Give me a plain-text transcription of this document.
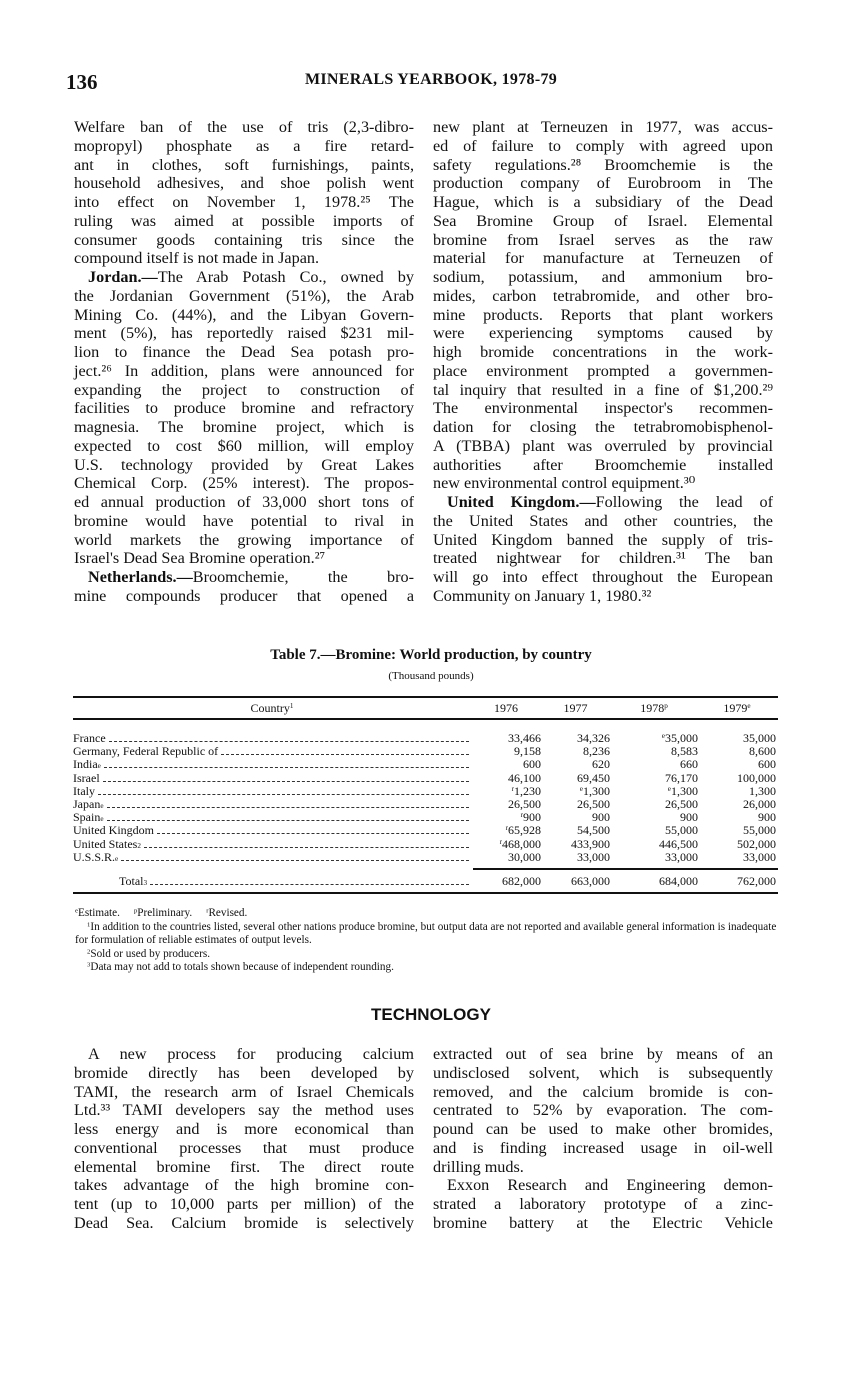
136	MINERALS YEARBOOK, 1978-79
Welfare ban of the use of tris (2,3-dibro-
mopropyl) phosphate as a fire retard-
ant in clothes, soft furnishings, paints,
household adhesives, and shoe polish went
into effect on November 1, 1978.²⁵ The
ruling was aimed at possible imports of
consumer goods containing tris since the
compound itself is not made in Japan.
Jordan.—The Arab Potash Co., owned by
the Jordanian Government (51%), the Arab
Mining Co. (44%), and the Libyan Govern-
ment (5%), has reportedly raised $231 mil-
lion to finance the Dead Sea potash pro-
ject.²⁶ In addition, plans were announced for
expanding the project to construction of
facilities to produce bromine and refractory
magnesia. The bromine project, which is
expected to cost $60 million, will employ
U.S. technology provided by Great Lakes
Chemical Corp. (25% interest). The propos-
ed annual production of 33,000 short tons of
bromine would have potential to rival in
world markets the growing importance of
Israel's Dead Sea Bromine operation.²⁷
Netherlands.—Broomchemie, the bro-
mine compounds producer that opened a
new plant at Terneuzen in 1977, was accus-
ed of failure to comply with agreed upon
safety regulations.²⁸ Broomchemie is the
production company of Eurobroom in The
Hague, which is a subsidiary of the Dead
Sea Bromine Group of Israel. Elemental
bromine from Israel serves as the raw
material for manufacture at Terneuzen of
sodium, potassium, and ammonium bro-
mides, carbon tetrabromide, and other bro-
mine products. Reports that plant workers
were experiencing symptoms caused by
high bromide concentrations in the work-
place environment prompted a governmen-
tal inquiry that resulted in a fine of $1,200.²⁹
The environmental inspector's recommen-
dation for closing the tetrabromobisphenol-
A (TBBA) plant was overruled by provincial
authorities after Broomchemie installed
new environmental control equipment.³⁰
United Kingdom.—Following the lead of
the United States and other countries, the
United Kingdom banned the supply of tris-
treated nightwear for children.³¹ The ban
will go into effect throughout the European
Community on January 1, 1980.³²
Table 7.—Bromine: World production, by country
(Thousand pounds)
Country$^1$	1976	1977	1978$^p$	1979e
France	33,466	34,326	$^e$35,000	35,000
Germany, Federal Republic of	9,158	8,236	8,583	8,600
India e	600	620	660	600
Israel	46,100	69,450	76,170	100,000
Italy	$^r$1,230	$^e$1,300	$^e$1,300	1,300
Japan e	26,500	26,500	26,500	26,000
Spain e	$^r$900	900	900	900
United Kingdom	$^r$65,928	54,500	55,000	55,000
United States 2	$^r$468,000	433,900	446,500	502,000
U.S.S.R. e	30,000	33,000	33,000	33,000
Total 3	682,000	663,000	684,000	762,000
$^e$Estimate. $^p$Preliminary. $^r$Revised.
$^1$In addition to the countries listed, several other nations produce bromine, but output data are not reported and available general information is inadequate for formulation of reliable estimates of output levels.
$^2$Sold or used by producers.
$^3$Data may not add to totals shown because of independent rounding.
TECHNOLOGY
A new process for producing calcium
bromide directly has been developed by
TAMI, the research arm of Israel Chemicals
Ltd.³³ TAMI developers say the method uses
less energy and is more economical than
conventional processes that must produce
elemental bromine first. The direct route
takes advantage of the high bromine con-
tent (up to 10,000 parts per million) of the
Dead Sea. Calcium bromide is selectively
extracted out of sea brine by means of an
undisclosed solvent, which is subsequently
removed, and the calcium bromide is con-
centrated to 52% by evaporation. The com-
pound can be used to make other bromides,
and is finding increased usage in oil-well
drilling muds.
Exxon Research and Engineering demon-
strated a laboratory prototype of a zinc-
bromine battery at the Electric Vehicle
